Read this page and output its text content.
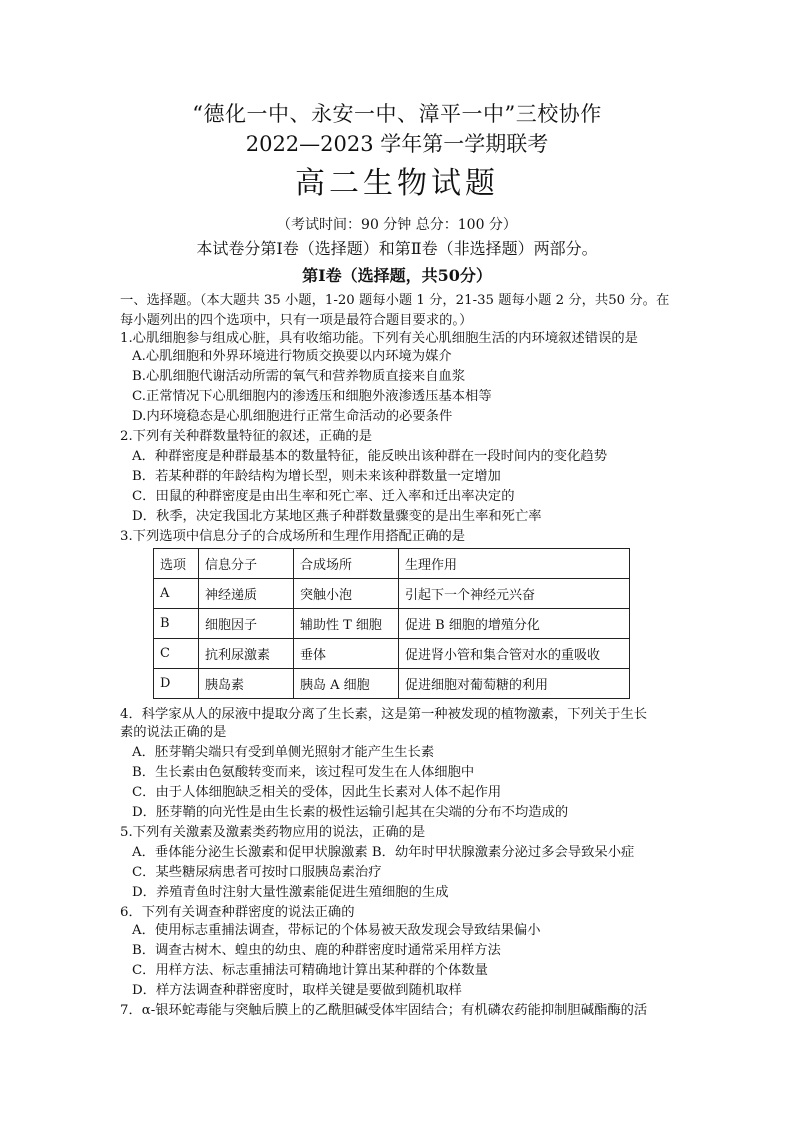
“德化一中、永安一中、漳平一中”三校协作
2022—2023 学年第一学期联考
高二生物试题
（考试时间：90 分钟 总分：100 分）
本试卷分第Ⅰ卷（选择题）和第Ⅱ卷（非选择题）两部分。
第Ⅰ卷（选择题，共50分）
一、选择题。（本大题共 35 小题，1-20 题每小题 1 分，21-35 题每小题 2 分，共50 分。在
每小题列出的四个选项中，只有一项是最符合题目要求的。）
1.心肌细胞参与组成心脏，具有收缩功能。下列有关心肌细胞生活的内环境叙述错误的是
A.心肌细胞和外界环境进行物质交换要以内环境为媒介
B.心肌细胞代谢活动所需的氧气和营养物质直接来自血浆
C.正常情况下心肌细胞内的渗透压和细胞外液渗透压基本相等
D.内环境稳态是心肌细胞进行正常生命活动的必要条件
2.下列有关种群数量特征的叙述，正确的是
A．种群密度是种群最基本的数量特征，能反映出该种群在一段时间内的变化趋势
B．若某种群的年龄结构为增长型，则未来该种群数量一定增加
C．田鼠的种群密度是由出生率和死亡率、迁入率和迁出率决定的
D．秋季，决定我国北方某地区燕子种群数量骤变的是出生率和死亡率
3.下列选项中信息分子的合成场所和生理作用搭配正确的是
选项	信息分子	合成场所	生理作用
A	神经递质	突触小泡	引起下一个神经元兴奋
B	细胞因子	辅助性 T 细胞	促进 B 细胞的增殖分化
C	抗利尿激素	垂体	促进肾小管和集合管对水的重吸收
D	胰岛素	胰岛 A 细胞	促进细胞对葡萄糖的利用
4．科学家从人的尿液中提取分离了生长素，这是第一种被发现的植物激素，下列关于生长
素的说法正确的是
A．胚芽鞘尖端只有受到单侧光照射才能产生生长素
B．生长素由色氨酸转变而来，该过程可发生在人体细胞中
C．由于人体细胞缺乏相关的受体，因此生长素对人体不起作用
D．胚芽鞘的向光性是由生长素的极性运输引起其在尖端的分布不均造成的
5.下列有关激素及激素类药物应用的说法，正确的是
A．垂体能分泌生长激素和促甲状腺激素 B．幼年时甲状腺激素分泌过多会导致呆小症
C．某些糖尿病患者可按时口服胰岛素治疗
D．养殖青鱼时注射大量性激素能促进生殖细胞的生成
6．下列有关调查种群密度的说法正确的
A．使用标志重捕法调查，带标记的个体易被天敌发现会导致结果偏小
B．调查古树木、蝗虫的幼虫、鹿的种群密度时通常采用样方法
C．用样方法、标志重捕法可精确地计算出某种群的个体数量
D．样方法调查种群密度时，取样关键是要做到随机取样
7．α-银环蛇毒能与突触后膜上的乙酰胆碱受体牢固结合；有机磷农药能抑制胆碱酯酶的活
